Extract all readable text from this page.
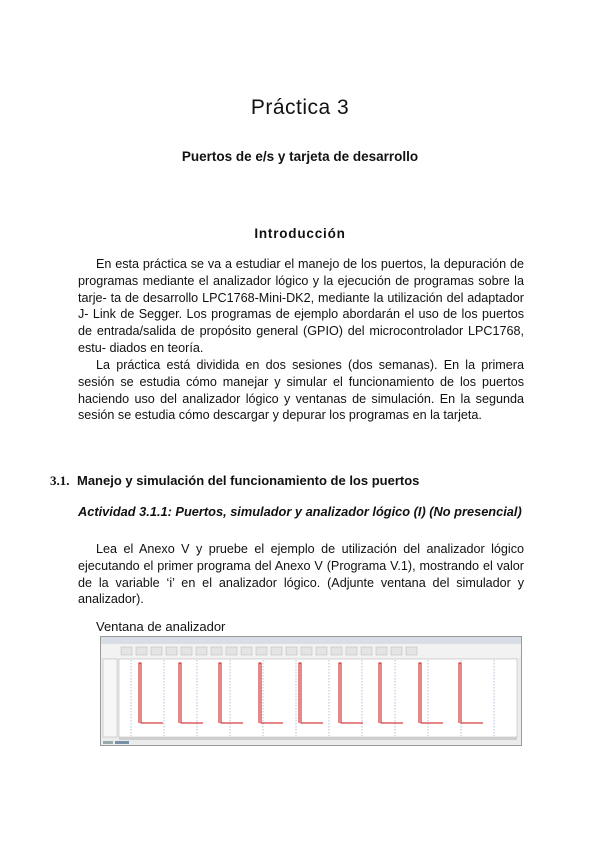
Práctica 3
Puertos de e/s y tarjeta de desarrollo
Introducción

En esta práctica se va a estudiar el manejo de los puertos, la depuración de programas mediante el analizador lógico y la ejecución de programas sobre la tarje- ta de desarrollo LPC1768-Mini-DK2, mediante la utilización del adaptador J- Link de Segger. Los programas de ejemplo abordarán el uso de los puertos de entrada/salida de propósito general (GPIO) del microcontrolador LPC1768, estu- diados en teoría.

La práctica está dividida en dos sesiones (dos semanas). En la primera sesión se estudia cómo manejar y simular el funcionamiento de los puertos haciendo uso del analizador lógico y ventanas de simulación. En la segunda sesión se estudia cómo descargar y depurar los programas en la tarjeta.

3.1. Manejo y simulación del funcionamiento de los puertos
Actividad 3.1.1: Puertos, simulador y analizador lógico (I) (No presencial)

Lea el Anexo V y pruebe el ejemplo de utilización del analizador lógico ejecutando el primer programa del Anexo V (Programa V.1), mostrando el valor de la variable ‘i’ en el analizador lógico. (Adjunte ventana del simulador y analizador).

Ventana de analizador
